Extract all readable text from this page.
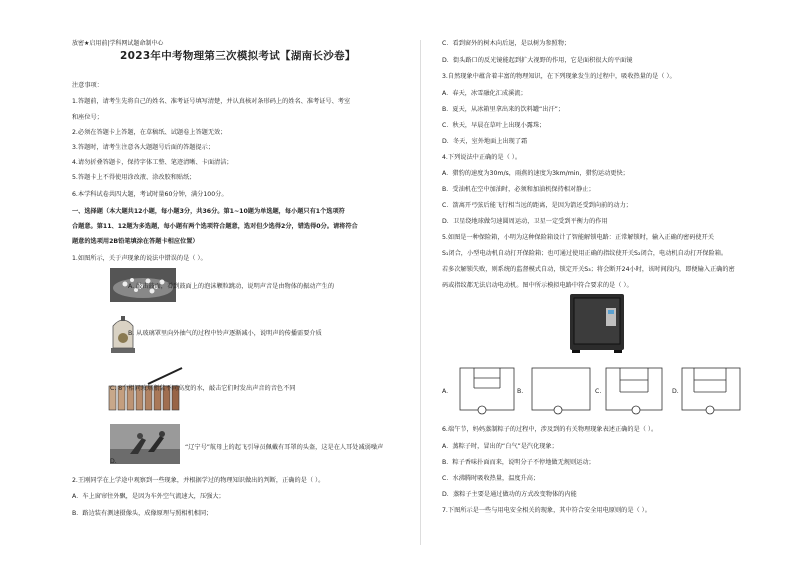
放密★启用前|学科网试题命制中心
2023年中考物理第三次模拟考试【湖南长沙卷】
注意事项：
1.答题前，请考生先将自己的姓名、准考证号填写清楚，并认真核对条形码上的姓名、准考证号、考室
和座位号；
2.必须在答题卡上答题，在草稿纸、试题卷上答题无效；
3.答题时，请考生注意各大题题号后面的答题提示；
4.请勿折叠答题卡，保持字体工整、笔迹清晰、卡面清洁；
5.答题卡上不得使用涂改液、涂改胶和贴纸；
6.本学科试卷共四大题，考试时量60分钟，满分100分。
一、选择题（本大题共12小题，每小题3分，共36分。第1~10题为单选题，每小题只有1个选项符
合题意。第11、12题为多选题，每小题有两个选项符合题意，选对但少选得2分，错选得0分。请将符合
题意的选项用2B铅笔填涂在答题卡相应位置）
1.如图所示，关于声现象的说法中错误的是（ ）。
A. 敲击鼓面，看到鼓面上的泡沫颗粒跳动，说明声音是由物体的振动产生的
B. 从玻璃罩里向外抽气的过程中铃声逐渐减小，说明声的传播需要介质
C. 8个相同玻璃瓶装不同高度的水，敲击它们时发出声音的音色不同
“辽宁号”航母上的起飞引导员佩戴有耳罩的头盔，这是在人耳处减弱噪声
D.
2.王刚同学在上学途中观察到一些现象，并根据学过的物理知识做出的判断，正确的是（ ）。
A．车上窗帘往外飘，是因为车外空气流速大，压强大；
B．路边装有测速摄像头，成像原理与照相机相同；
C．看到窗外的树木向后退，是以树为参照物；
D．街头路口的反光镜能起到扩大视野的作用，它是面积很大的平面镜
3.自然现象中蕴含着丰富的物理知识，在下列现象发生的过程中，吸收热量的是（ ）。
A．春天，冰雪融化汇成溪流；
B．夏天，从冰箱里拿出来的饮料罐“出汗”；
C．秋天，早晨在草叶上出现小露珠；
D．冬天，室外地面上出现了霜
4.下列说法中正确的是（ ）。
A．猎豹的速度为30m/s，雨燕的速度为3km/min，猎豹运动更快；
B．受油机在空中加油时，必须和加油机保持相对静止；
C．箭离开弓弦后能飞行相当远的距离，是因为箭还受到向前的动力；
D．卫星绕地球做匀速圆周运动，卫星一定受到平衡力的作用
5.如图是一种保险箱，小明为这种保险箱设计了智能解锁电路：正常解锁时，输入正确的密码使开关
S₁闭合，小型电动机自动打开保险箱；也可通过使用正确的指纹使开关S₂闭合，电动机自动打开保险箱。
若多次解锁失败，则系统的监督模式自动，锁定开关S₃；将会断开24小时，该时间段内，即便输入正确的密
码或指纹都无法启动电动机。图中所示模拟电路中符合要求的是（ ）。
A.	B.	C.	D.
6.端午节，妈妈蒸制粽子的过程中，涉及到的有关物理现象表述正确的是（ ）。
A．蒸粽子时，冒出的“白气”是汽化现象；
B．粽子香味扑面而来，说明分子不停地做无规则运动；
C．水沸腾时吸收热量，温度升高；
D．蒸粽子主要是通过做功的方式改变物体的内能
7.下图所示是一些与用电安全相关的现象，其中符合安全用电原则的是（ ）。
